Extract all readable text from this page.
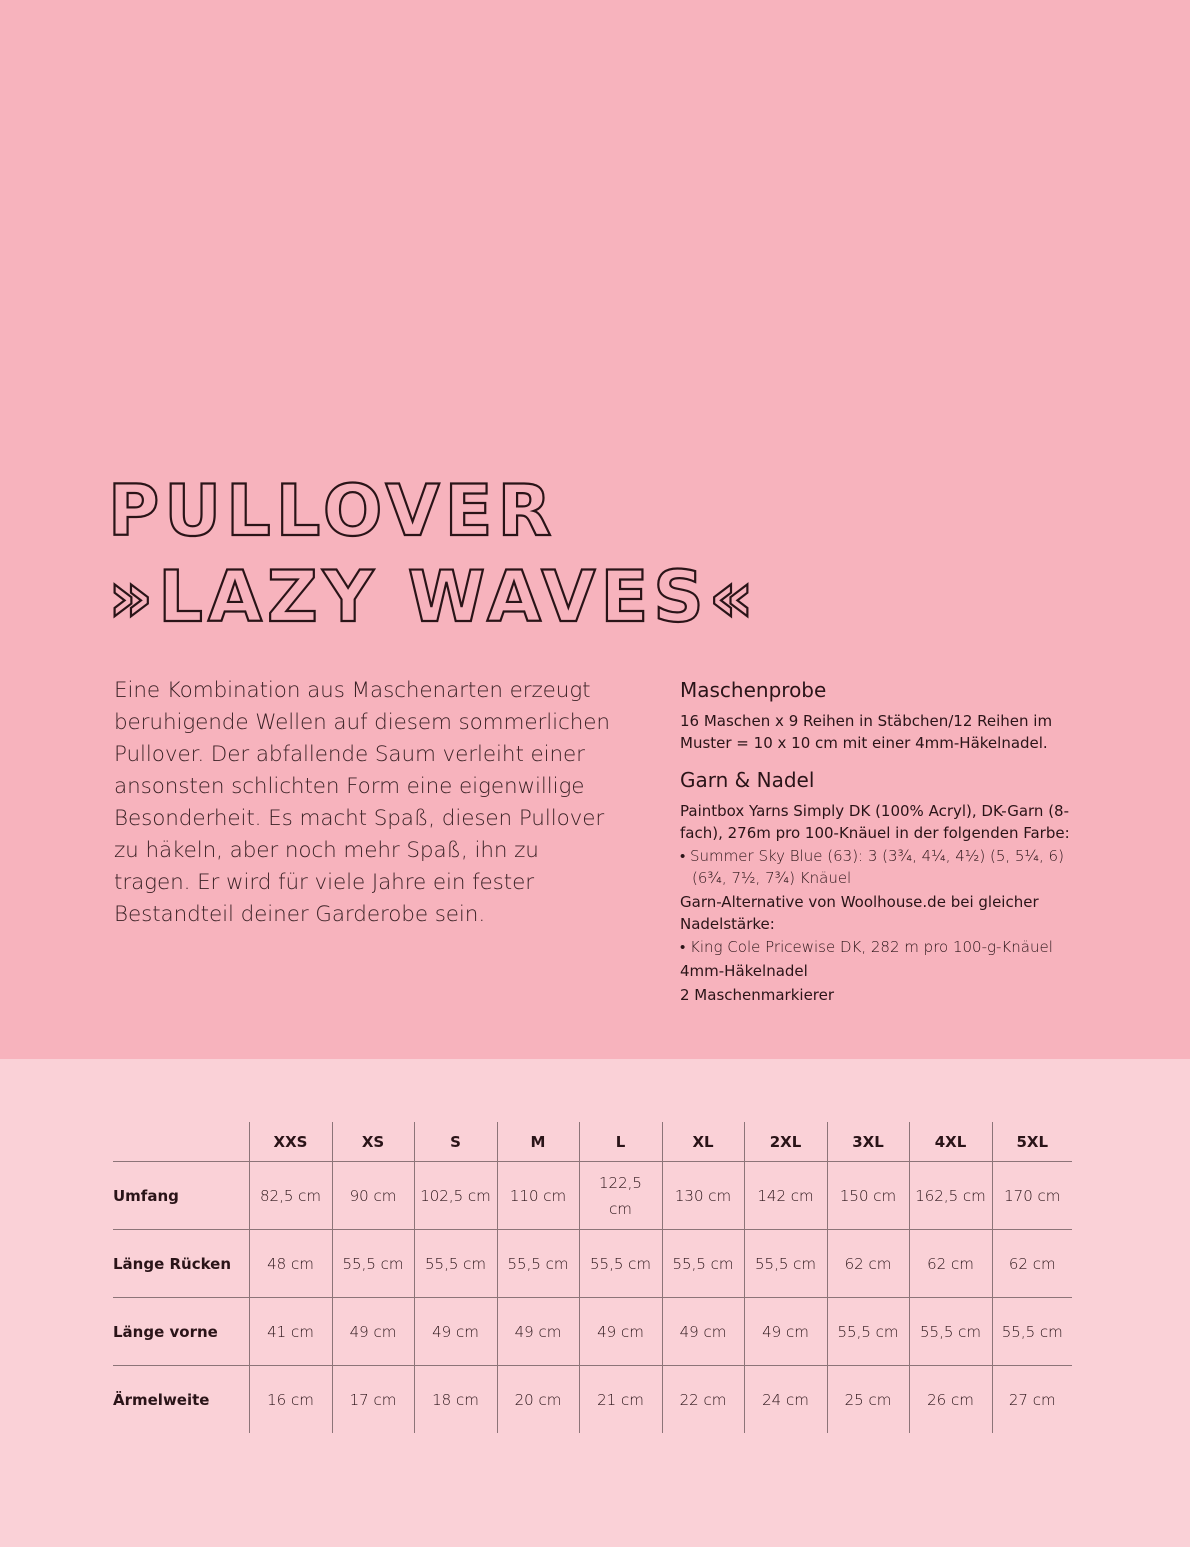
PULLOVER
»LAZY WAVES«

Eine Kombination aus Maschenarten erzeugt beruhigende Wellen auf diesem sommerlichen Pullover. Der abfallende Saum verleiht einer ansonsten schlichten Form eine eigenwillige Besonderheit. Es macht Spaß, diesen Pullover zu häkeln, aber noch mehr Spaß, ihn zu tragen. Er wird für viele Jahre ein fester Bestandteil deiner Garderobe sein.

Maschenprobe

16 Maschen x 9 Reihen in Stäbchen/12 Reihen im Muster = 10 x 10 cm mit einer 4mm-Häkelnadel.

Garn & Nadel

Paintbox Yarns Simply DK (100% Acryl), DK-Garn (8-fach), 276m pro 100-Knäuel in der folgenden Farbe:

• Summer Sky Blue (63): 3 (3¾, 4¼, 4½) (5, 5¼, 6) (6¾, 7½, 7¾) Knäuel

Garn-Alternative von Woolhouse.de bei gleicher Nadelstärke:

• King Cole Pricewise DK, 282 m pro 100-g-Knäuel

4mm-Häkelnadel

2 Maschenmarkierer

	XXS	XS	S	M	L	XL	2XL	3XL	4XL	5XL
Umfang	82,5 cm	90 cm	102,5 cm	110 cm	122,5 cm	130 cm	142 cm	150 cm	162,5 cm	170 cm
Länge Rücken	48 cm	55,5 cm	55,5 cm	55,5 cm	55,5 cm	55,5 cm	55,5 cm	62 cm	62 cm	62 cm
Länge vorne	41 cm	49 cm	49 cm	49 cm	49 cm	49 cm	49 cm	55,5 cm	55,5 cm	55,5 cm
Ärmelweite	16 cm	17 cm	18 cm	20 cm	21 cm	22 cm	24 cm	25 cm	26 cm	27 cm
